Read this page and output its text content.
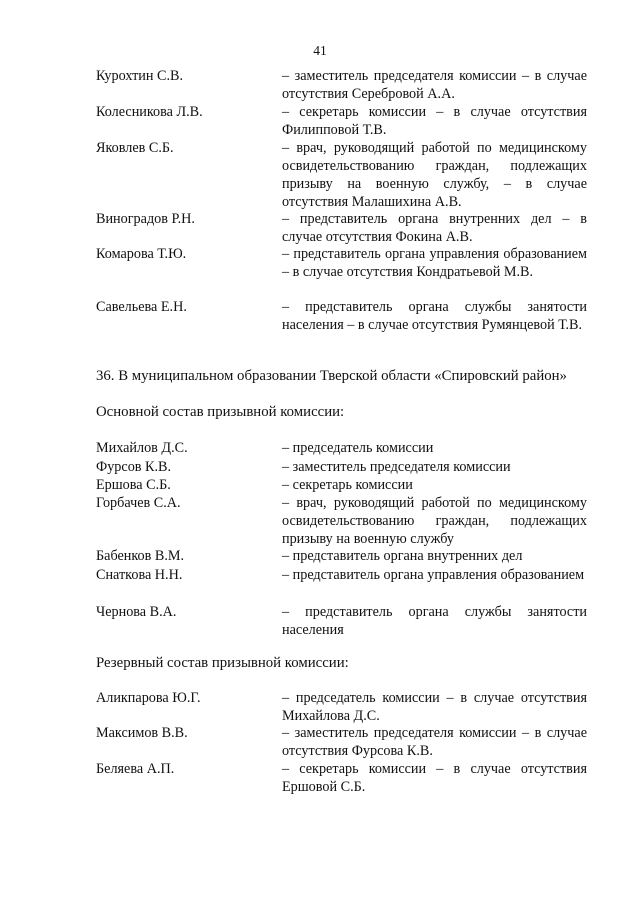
41
Курохтин С.В.	– заместитель председателя комиссии – в случае отсутствия Серебровой А.А.
Колесникова Л.В.	– секретарь комиссии – в случае отсутствия Филипповой Т.В.
Яковлев С.Б.	– врач, руководящий работой по медицинскому освидетельствованию граждан, подлежащих призыву на военную службу, – в случае отсутствия Малашихина А.В.
Виноградов Р.Н.	– представитель органа внутренних дел – в случае отсутствия Фокина А.В.
Комарова Т.Ю.	– представитель органа управления образованием – в случае отсутствия Кондратьевой М.В.
Савельева Е.Н.	– представитель органа службы занятости населения – в случае отсутствия Румянцевой Т.В.
36. В муниципальном образовании Тверской области «Спировский район»
Основной состав призывной комиссии:
Михайлов Д.С.	– председатель комиссии
Фурсов К.В.	– заместитель председателя комиссии
Ершова С.Б.	– секретарь комиссии
Горбачев С.А.	– врач, руководящий работой по медицинскому освидетельствованию граждан, подлежащих призыву на военную службу
Бабенков В.М.	– представитель органа внутренних дел
Снаткова Н.Н.	– представитель органа управления образованием
Чернова В.А.	– представитель органа службы занятости населения
Резервный состав призывной комиссии:
Аликпарова Ю.Г.	– председатель комиссии – в случае отсутствия Михайлова Д.С.
Максимов В.В.	– заместитель председателя комиссии – в случае отсутствия Фурсова К.В.
Беляева А.П.	– секретарь комиссии – в случае отсутствия Ершовой С.Б.
